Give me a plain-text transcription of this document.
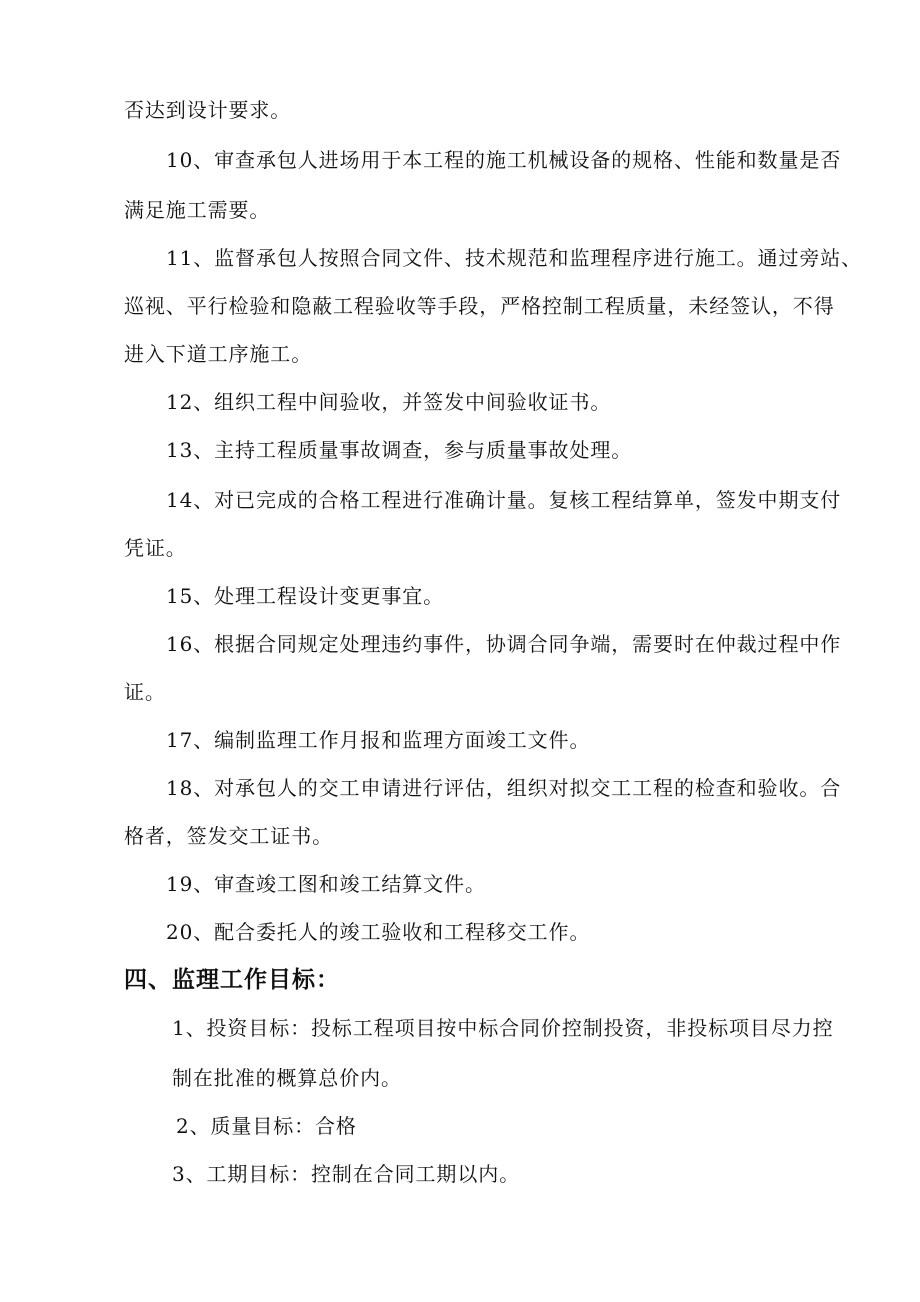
否达到设计要求。
10、审查承包人进场用于本工程的施工机械设备的规格、性能和数量是否
满足施工需要。
11、监督承包人按照合同文件、技术规范和监理程序进行施工。通过旁站、
巡视、平行检验和隐蔽工程验收等手段，严格控制工程质量，未经签认，不得
进入下道工序施工。
12、组织工程中间验收，并签发中间验收证书。
13、主持工程质量事故调查，参与质量事故处理。
14、对已完成的合格工程进行准确计量。复核工程结算单，签发中期支付
凭证。
15、处理工程设计变更事宜。
16、根据合同规定处理违约事件，协调合同争端，需要时在仲裁过程中作
证。
17、编制监理工作月报和监理方面竣工文件。
18、对承包人的交工申请进行评估，组织对拟交工工程的检查和验收。合
格者，签发交工证书。
19、审查竣工图和竣工结算文件。
20、配合委托人的竣工验收和工程移交工作。
四、监理工作目标：
1、投资目标：投标工程项目按中标合同价控制投资，非投标项目尽力控
制在批准的概算总价内。
2、质量目标：合格
3、工期目标：控制在合同工期以内。
